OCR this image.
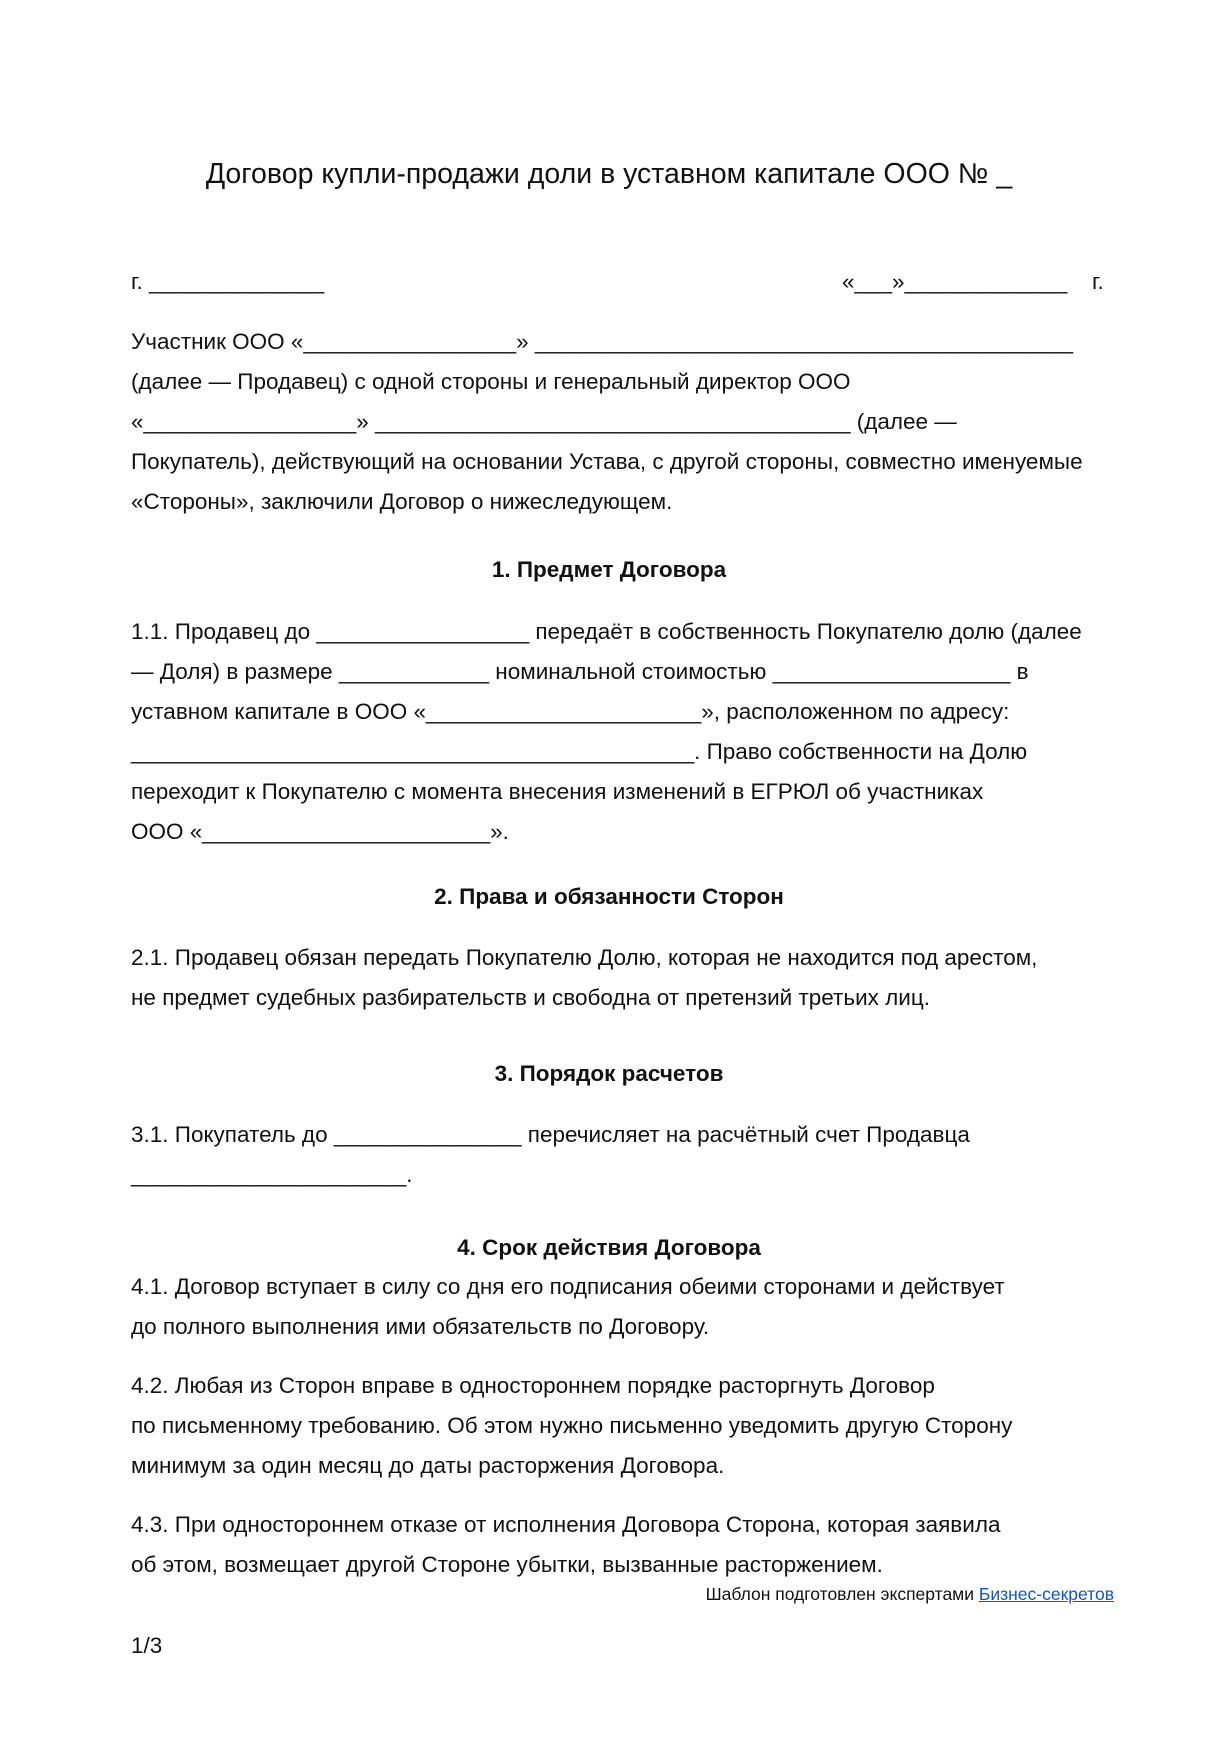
Договор купли-продажи доли в уставном капитале ООО № _
г. ______________	«___»_____________ г.
Участник ООО «_________________» ___________________________________________
(далее — Продавец) с одной стороны и генеральный директор ООО
«_________________» ______________________________________ (далее —
Покупатель), действующий на основании Устава, с другой стороны, совместно именуемые
«Стороны», заключили Договор о нижеследующем.
1. Предмет Договора
1.1. Продавец до _________________ передаёт в собственность Покупателю долю (далее
— Доля) в размере ____________ номинальной стоимостью ___________________ в
уставном капитале в ООО «______________________», расположенном по адресу:
_____________________________________________. Право собственности на Долю
переходит к Покупателю с момента внесения изменений в ЕГРЮЛ об участниках
ООО «_______________________».
2. Права и обязанности Сторон
2.1. Продавец обязан передать Покупателю Долю, которая не находится под арестом,
не предмет судебных разбирательств и свободна от претензий третьих лиц.
3. Порядок расчетов
3.1. Покупатель до _______________ перечисляет на расчётный счет Продавца
______________________.
4. Срок действия Договора
4.1. Договор вступает в силу со дня его подписания обеими сторонами и действует
до полного выполнения ими обязательств по Договору.
4.2. Любая из Сторон вправе в одностороннем порядке расторгнуть Договор
по письменному требованию. Об этом нужно письменно уведомить другую Сторону
минимум за один месяц до даты расторжения Договора.
4.3. При одностороннем отказе от исполнения Договора Сторона, которая заявила
об этом, возмещает другой Стороне убытки, вызванные расторжением.
Шаблон подготовлен экспертами Бизнес-секретов
1/3
